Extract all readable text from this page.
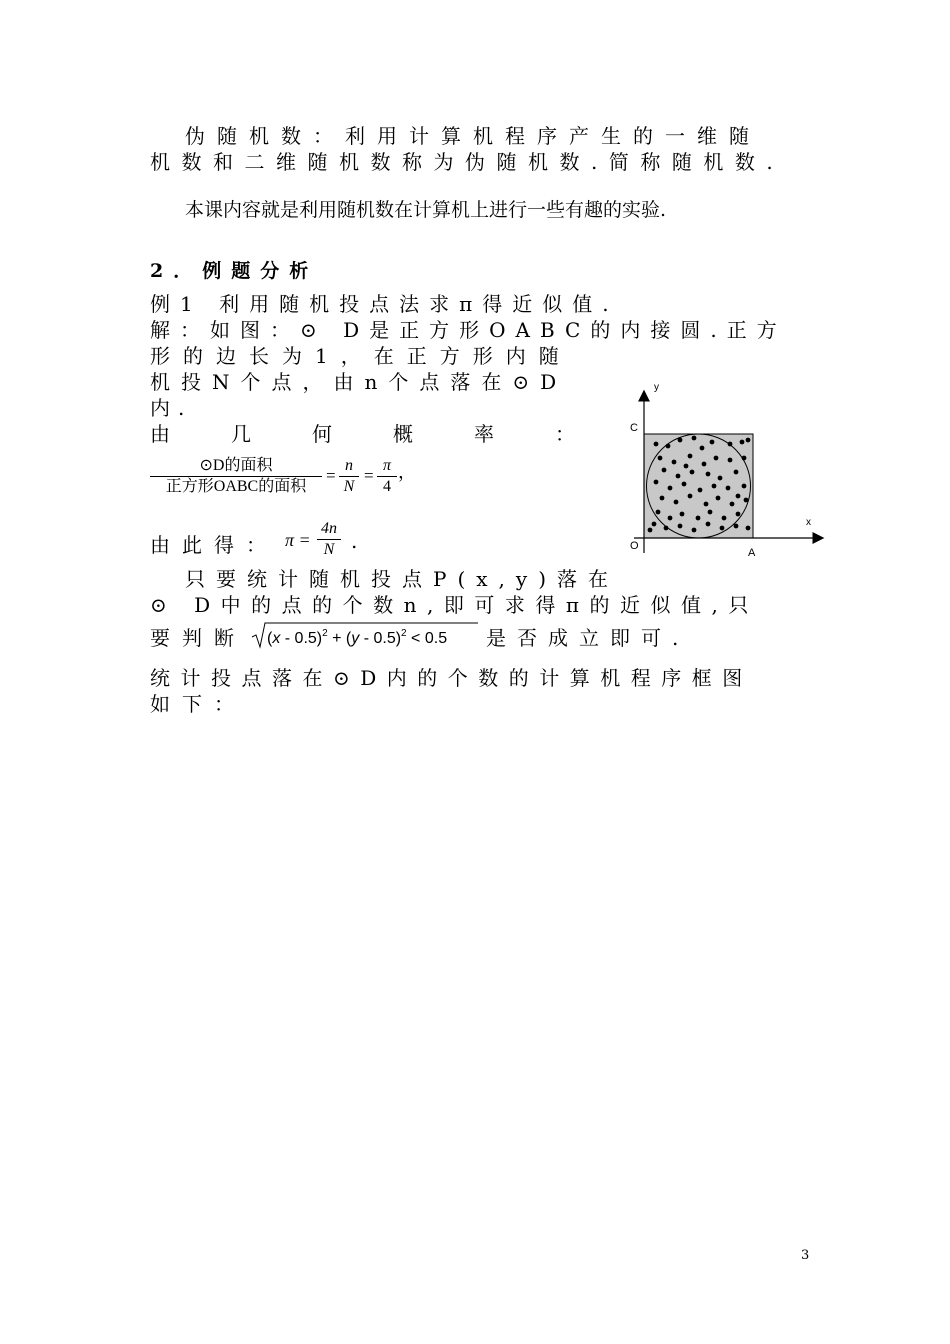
伪随机数：利用计算机程序产生的一维随
机数和二维随机数称为伪随机数.简称随机数.
本课内容就是利用随机数在计算机上进行一些有趣的实验.
2．例题分析
例1 利用随机投点法求π得近似值.
解：如图：⊙ D是正方形OABC的内接圆.正方
形的边长为1，在正方形内随
机投N个点，由n个点落在⊙D
内.
由	几	何	概	率	：
⊙D的面积
正方形OABC的面积
=
n
N
=
π
4
，
由此得： π =
4n
N .
只要统计随机投点P(x,y)落在
⊙ D中的点的个数n,即可求得π的近似值,只
要判断 (x - 0.5)$^2$ + (y - 0.5)$^2$ < 0.5 是否成立即可.
统计投点落在⊙D内的个数的计算机程序框图
如下：
y
x
C
O
A
3
